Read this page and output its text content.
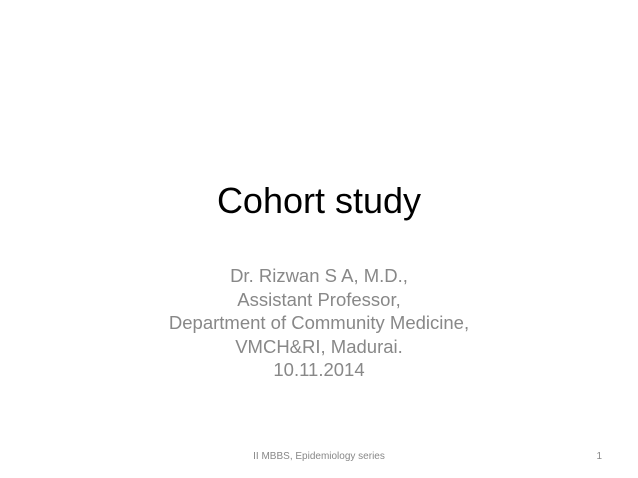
Cohort study
Dr. Rizwan S A, M.D.,
Assistant Professor,
Department of Community Medicine,
VMCH&RI, Madurai.
10.11.2014
II MBBS, Epidemiology series	1
